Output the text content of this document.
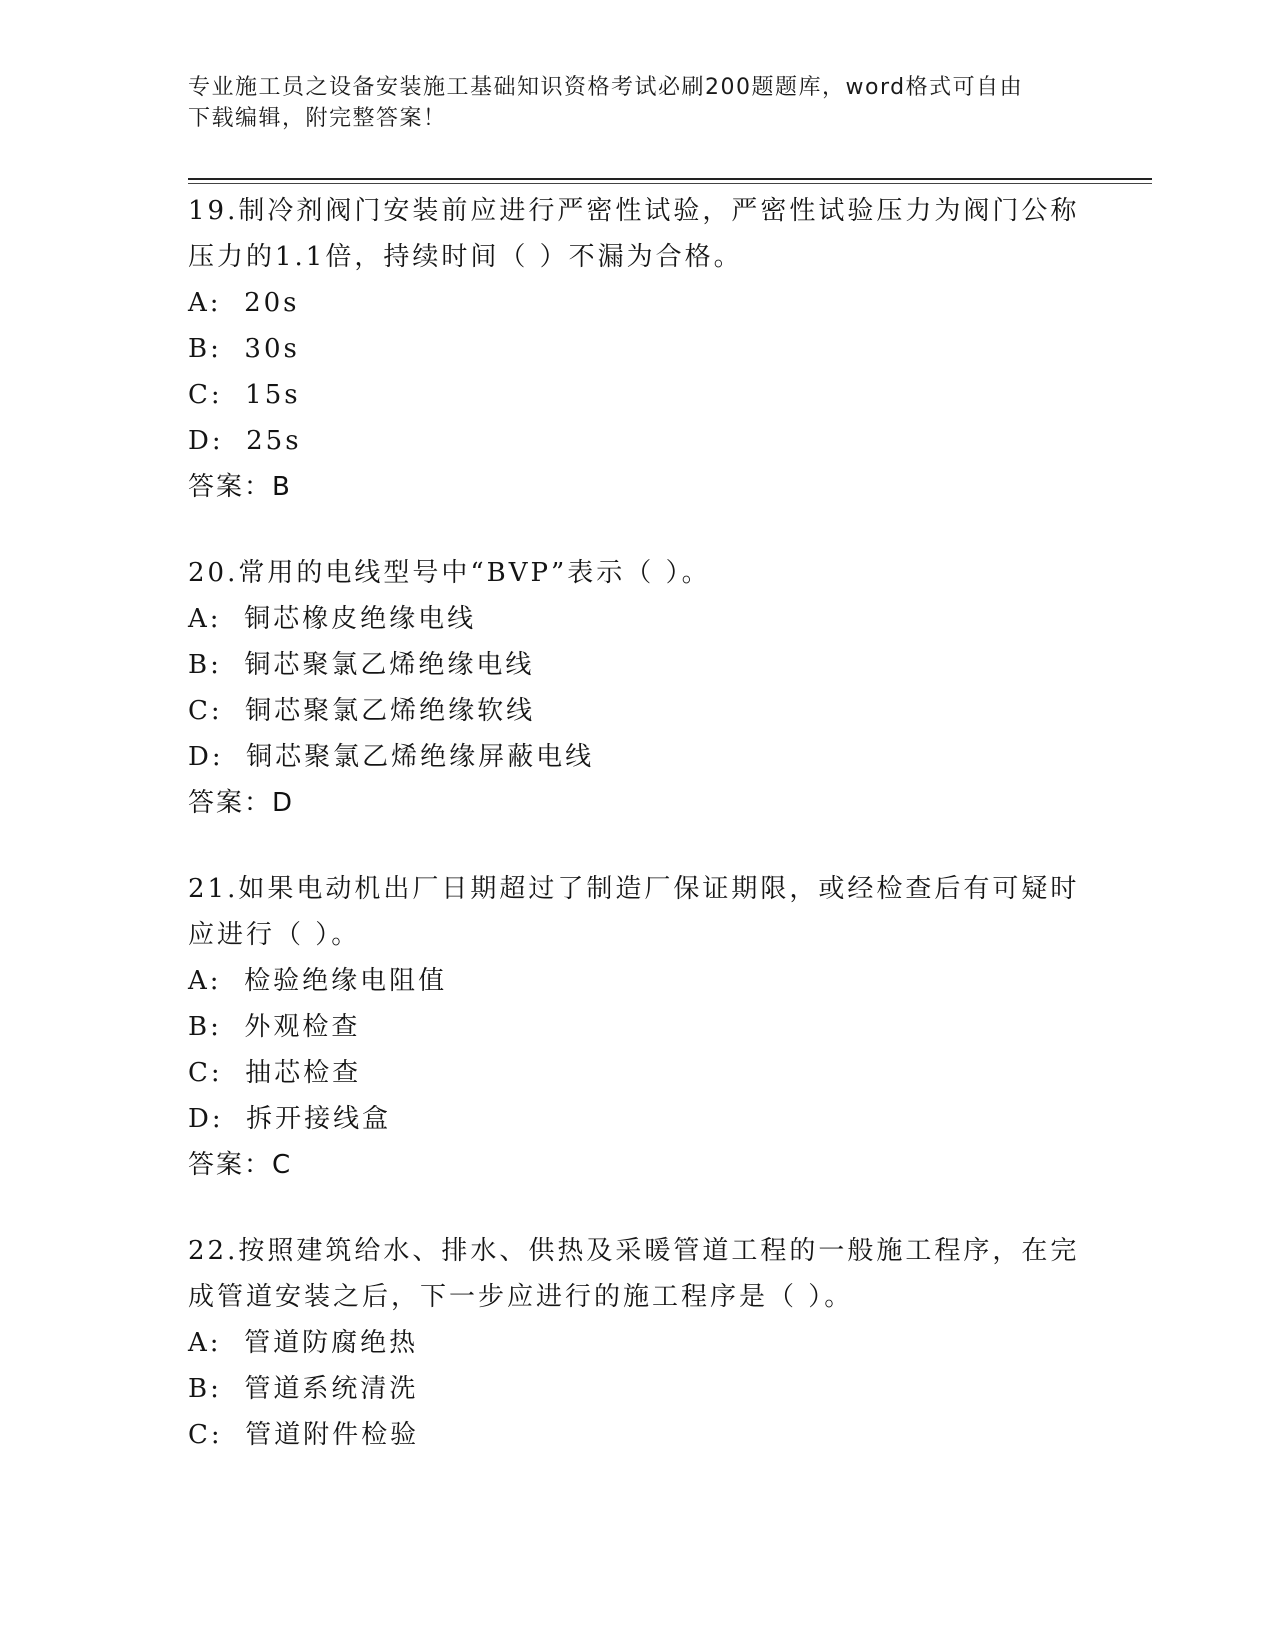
专业施工员之设备安装施工基础知识资格考试必刷200题题库，word格式可自由
下载编辑，附完整答案！

19.制冷剂阀门安装前应进行严密性试验，严密性试验压力为阀门公称

压力的1.1倍，持续时间（ ）不漏为合格。

A:  20s

B:  30s

C:  15s

D:  25s

答案：B

20.常用的电线型号中“BVP”表示（ ）。

A:  铜芯橡皮绝缘电线

B:  铜芯聚氯乙烯绝缘电线

C:  铜芯聚氯乙烯绝缘软线

D:  铜芯聚氯乙烯绝缘屏蔽电线

答案：D

21.如果电动机出厂日期超过了制造厂保证期限，或经检查后有可疑时

应进行（ ）。

A:  检验绝缘电阻值

B:  外观检查

C:  抽芯检查

D:  拆开接线盒

答案：C

22.按照建筑给水、排水、供热及采暖管道工程的一般施工程序，在完

成管道安装之后，下一步应进行的施工程序是（ ）。

A:  管道防腐绝热

B:  管道系统清洗

C:  管道附件检验
